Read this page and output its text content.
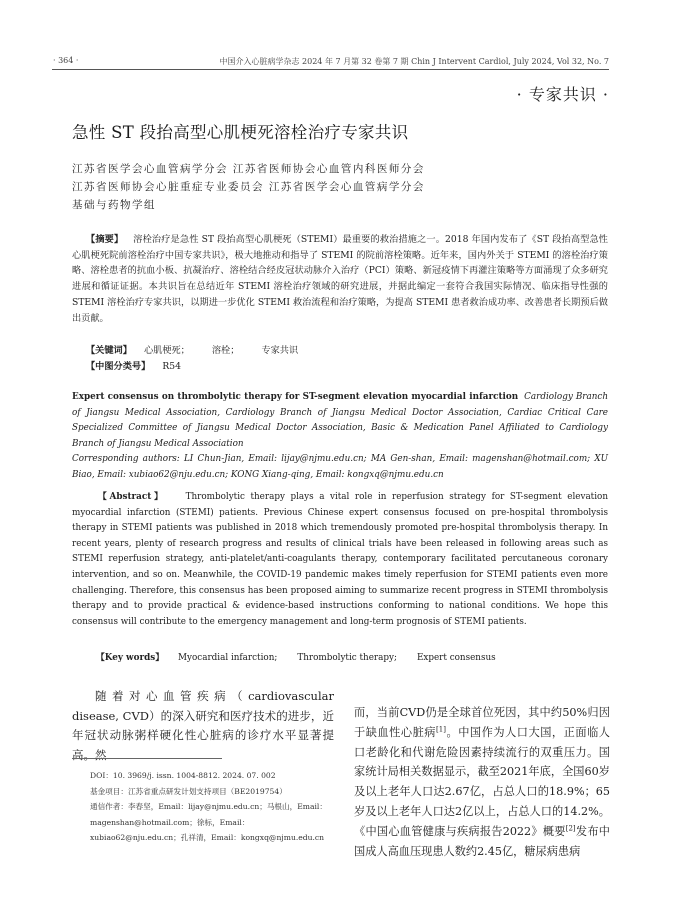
· 364 ·	中国介入心脏病学杂志 2024 年 7 月第 32 卷第 7 期 Chin J Intervent Cardiol, July 2024, Vol 32, No. 7
· 专家共识 ·
急性 ST 段抬高型心肌梗死溶栓治疗专家共识
江苏省医学会心血管病学分会 江苏省医师协会心血管内科医师分会
江苏省医师协会心脏重症专业委员会 江苏省医学会心血管病学分会
基础与药物学组
【摘要】 溶栓治疗是急性 ST 段抬高型心肌梗死（STEMI）最重要的救治措施之一。2018 年国内发布了《ST 段抬高型急性心肌梗死院前溶栓治疗中国专家共识》，极大地推动和指导了 STEMI 的院前溶栓策略。近年来，国内外关于 STEMI 的溶栓治疗策略、溶栓患者的抗血小板、抗凝治疗、溶栓结合经皮冠状动脉介入治疗（PCI）策略、新冠疫情下再灌注策略等方面涌现了众多研究进展和循证证据。本共识旨在总结近年 STEMI 溶栓治疗领域的研究进展，并据此编定一套符合我国实际情况、临床指导性强的 STEMI 溶栓治疗专家共识，以期进一步优化 STEMI 救治流程和治疗策略，为提高 STEMI 患者救治成功率、改善患者长期预后做出贡献。
【关键词】 心肌梗死； 溶栓； 专家共识
【中图分类号】 R54
Expert consensus on thrombolytic therapy for ST-segment elevation myocardial infarction Cardiology Branch of Jiangsu Medical Association, Cardiology Branch of Jiangsu Medical Doctor Association, Cardiac Critical Care Specialized Committee of Jiangsu Medical Doctor Association, Basic & Medication Panel Affiliated to Cardiology Branch of Jiangsu Medical Association
Corresponding authors: LI Chun-Jian, Email: lijay@njmu.edu.cn; MA Gen-shan, Email: magenshan@hotmail.com; XU Biao, Email: xubiao62@nju.edu.cn; KONG Xiang-qing, Email: kongxq@njmu.edu.cn
【Abstract】 Thrombolytic therapy plays a vital role in reperfusion strategy for ST-segment elevation myocardial infarction (STEMI) patients. Previous Chinese expert consensus focused on pre-hospital thrombolysis therapy in STEMI patients was published in 2018 which tremendously promoted pre-hospital thrombolysis therapy. In recent years, plenty of research progress and results of clinical trials have been released in following areas such as STEMI reperfusion strategy, anti-platelet/anti-coagulants therapy, contemporary facilitated percutaneous coronary intervention, and so on. Meanwhile, the COVID-19 pandemic makes timely reperfusion for STEMI patients even more challenging. Therefore, this consensus has been proposed aiming to summarize recent progress in STEMI thrombolysis therapy and to provide practical & evidence-based instructions conforming to national conditions. We hope this consensus will contribute to the emergency management and long-term prognosis of STEMI patients.
【Key words】 Myocardial infarction; Thrombolytic therapy; Expert consensus
随着对心血管疾病（cardiovascular disease, CVD）的深入研究和医疗技术的进步，近年冠状动脉粥样硬化性心脏病的诊疗水平显著提高。然
DOI：10. 3969/j. issn. 1004-8812. 2024. 07. 002
基金项目：江苏省重点研发计划支持项目（BE2019754）
通信作者：李春坚，Email：lijay@njmu.edu.cn；马根山，Email：magenshan@hotmail.com；徐标，Email：xubiao62@nju.edu.cn；孔祥清，Email：kongxq@njmu.edu.cn
而，当前CVD仍是全球首位死因，其中约50%归因于缺血性心脏病[1]。中国作为人口大国，正面临人口老龄化和代谢危险因素持续流行的双重压力。国家统计局相关数据显示，截至2021年底，全国60岁及以上老年人口达2.67亿，占总人口的18.9%；65岁及以上老年人口达2亿以上，占总人口的14.2%。《中国心血管健康与疾病报告2022》概要[2]发布中国成人高血压现患人数约2.45亿，糖尿病患病
